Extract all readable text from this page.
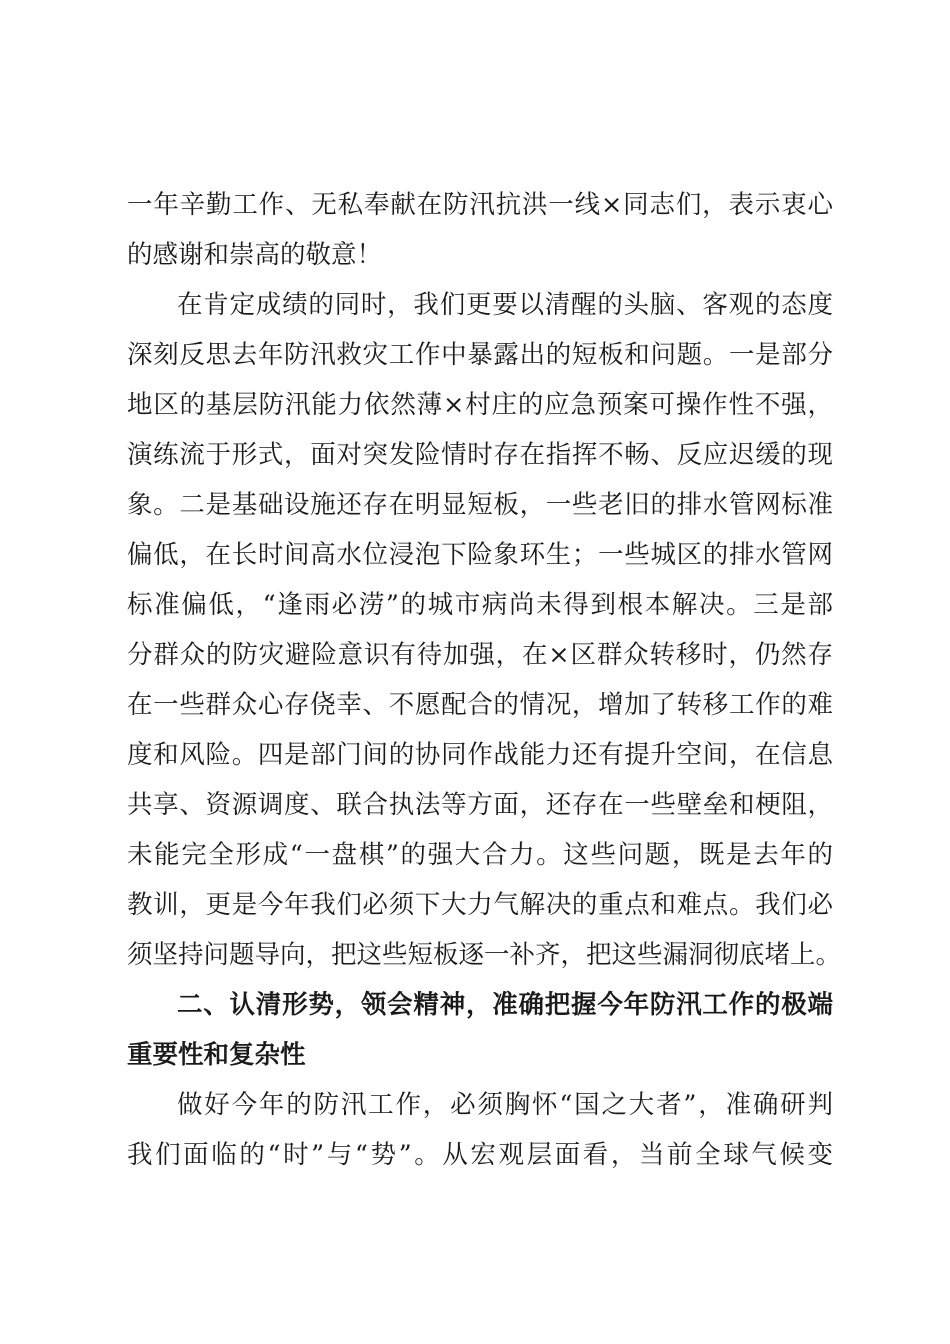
一年辛勤工作、无私奉献在防汛抗洪一线×同志们，表示衷心
的感谢和崇高的敬意！
在肯定成绩的同时，我们更要以清醒的头脑、客观的态度
深刻反思去年防汛救灾工作中暴露出的短板和问题。一是部分
地区的基层防汛能力依然薄×村庄的应急预案可操作性不强，
演练流于形式，面对突发险情时存在指挥不畅、反应迟缓的现
象。二是基础设施还存在明显短板，一些老旧的排水管网标准
偏低，在长时间高水位浸泡下险象环生；一些城区的排水管网
标准偏低，“逢雨必涝”的城市病尚未得到根本解决。三是部
分群众的防灾避险意识有待加强，在×区群众转移时，仍然存
在一些群众心存侥幸、不愿配合的情况，增加了转移工作的难
度和风险。四是部门间的协同作战能力还有提升空间，在信息
共享、资源调度、联合执法等方面，还存在一些壁垒和梗阻，
未能完全形成“一盘棋”的强大合力。这些问题，既是去年的
教训，更是今年我们必须下大力气解决的重点和难点。我们必
须坚持问题导向，把这些短板逐一补齐，把这些漏洞彻底堵上。
二、认清形势，领会精神，准确把握今年防汛工作的极端
重要性和复杂性
做好今年的防汛工作，必须胸怀“国之大者”，准确研判
我们面临的“时”与“势”。从宏观层面看，当前全球气候变
